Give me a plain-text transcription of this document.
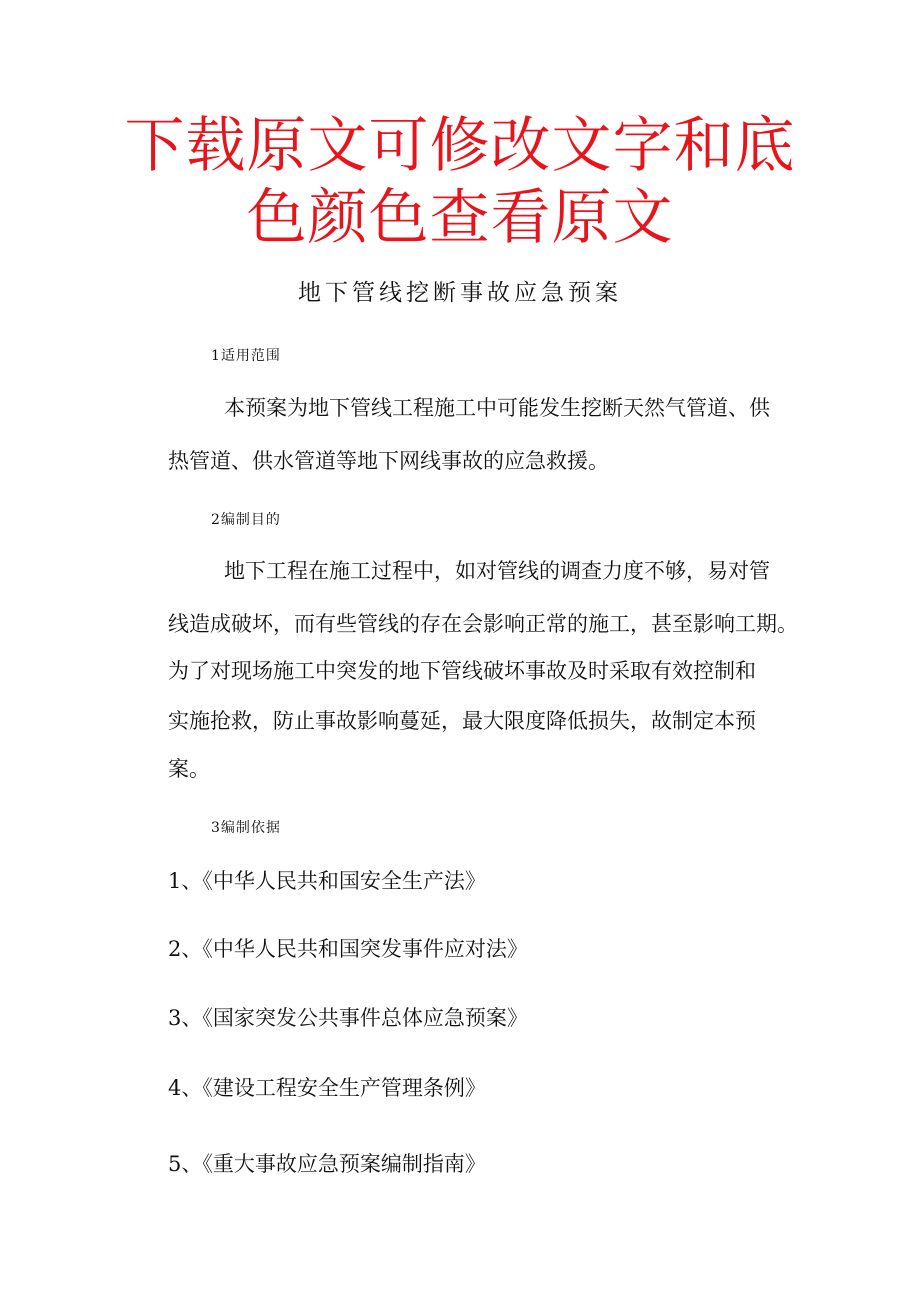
下载原文可修改文字和底
色颜色查看原文
地下管线挖断事故应急预案
1适用范围
本预案为地下管线工程施工中可能发生挖断天然气管道、供
热管道、供水管道等地下网线事故的应急救援。
2编制目的
地下工程在施工过程中，如对管线的调查力度不够，易对管
线造成破坏，而有些管线的存在会影响正常的施工，甚至影响工期。
为了对现场施工中突发的地下管线破坏事故及时采取有效控制和
实施抢救，防止事故影响蔓延，最大限度降低损失，故制定本预
案。
3编制依据
1、《中华人民共和国安全生产法》
2、《中华人民共和国突发事件应对法》
3、《国家突发公共事件总体应急预案》
4、《建设工程安全生产管理条例》
5、《重大事故应急预案编制指南》
